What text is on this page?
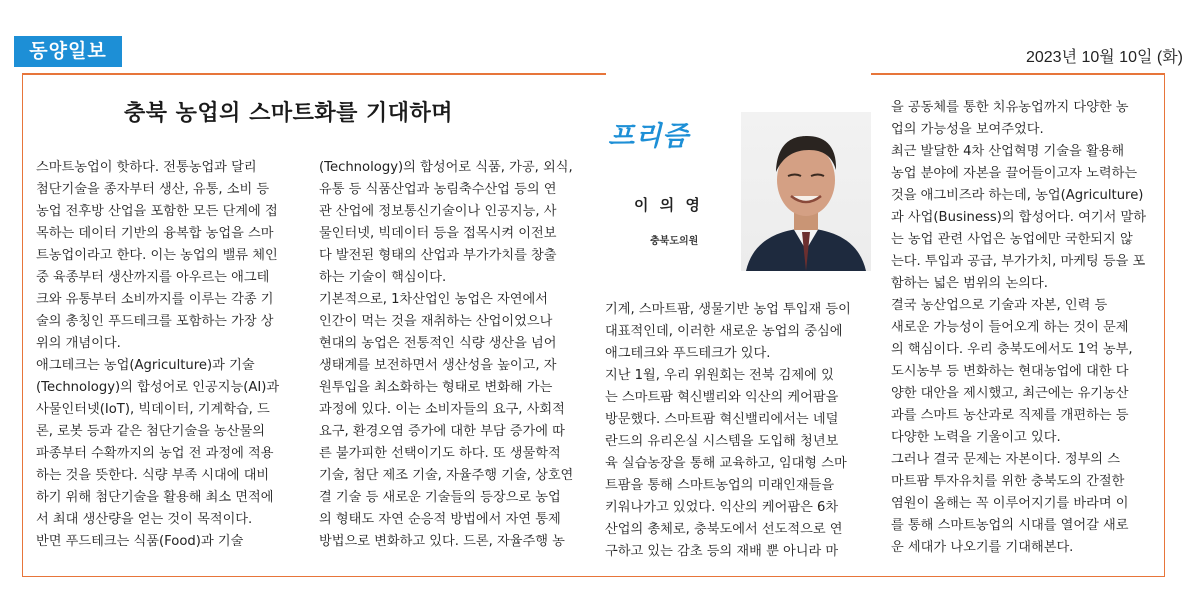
동양일보	2023년 10월 10일 (화)
충북 농업의 스마트화를 기대하며
프리즘
이 의 영
충북도의원
스마트농업이 핫하다. 전통농업과 달리
첨단기술을 종자부터 생산, 유통, 소비 등
농업 전후방 산업을 포함한 모든 단계에 접
목하는 데이터 기반의 융복합 농업을 스마
트농업이라고 한다. 이는 농업의 밸류 체인
중 육종부터 생산까지를 아우르는 애그테
크와 유통부터 소비까지를 이루는 각종 기
술의 총칭인 푸드테크를 포함하는 가장 상
위의 개념이다.
애그테크는 농업(Agriculture)과 기술
(Technology)의 합성어로 인공지능(AI)과
사물인터넷(IoT), 빅데이터, 기계학습, 드
론, 로봇 등과 같은 첨단기술을 농산물의
파종부터 수확까지의 농업 전 과정에 적용
하는 것을 뜻한다. 식량 부족 시대에 대비
하기 위해 첨단기술을 활용해 최소 면적에
서 최대 생산량을 얻는 것이 목적이다.
반면 푸드테크는 식품(Food)과 기술
(Technology)의 합성어로 식품, 가공, 외식,
유통 등 식품산업과 농림축수산업 등의 연
관 산업에 정보통신기술이나 인공지능, 사
물인터넷, 빅데이터 등을 접목시켜 이전보
다 발전된 형태의 산업과 부가가치를 창출
하는 기술이 핵심이다.
기본적으로, 1차산업인 농업은 자연에서
인간이 먹는 것을 재취하는 산업이었으나
현대의 농업은 전통적인 식량 생산을 넘어
생태계를 보전하면서 생산성을 높이고, 자
원투입을 최소화하는 형태로 변화해 가는
과정에 있다. 이는 소비자들의 요구, 사회적
요구, 환경오염 증가에 대한 부담 증가에 따
른 불가피한 선택이기도 하다. 또 생물학적
기술, 첨단 제조 기술, 자율주행 기술, 상호연
결 기술 등 새로운 기술들의 등장으로 농업
의 형태도 자연 순응적 방법에서 자연 통제
방법으로 변화하고 있다. 드론, 자율주행 농
기계, 스마트팜, 생물기반 농업 투입재 등이
대표적인데, 이러한 새로운 농업의 중심에
애그테크와 푸드테크가 있다.
지난 1월, 우리 위원회는 전북 김제에 있
는 스마트팜 혁신밸리와 익산의 케어팜을
방문했다. 스마트팜 혁신밸리에서는 네덜
란드의 유리온실 시스템을 도입해 청년보
육 실습농장을 통해 교육하고, 임대형 스마
트팜을 통해 스마트농업의 미래인재들을
키워나가고 있었다. 익산의 케어팜은 6차
산업의 총체로, 충북도에서 선도적으로 연
구하고 있는 감초 등의 재배 뿐 아니라 마
을 공동체를 통한 치유농업까지 다양한 농
업의 가능성을 보여주었다.
최근 발달한 4차 산업혁명 기술을 활용해
농업 분야에 자본을 끌어들이고자 노력하는
것을 애그비즈라 하는데, 농업(Agriculture)
과 사업(Business)의 합성어다. 여기서 말하
는 농업 관련 사업은 농업에만 국한되지 않
는다. 투입과 공급, 부가가치, 마케팅 등을 포
함하는 넓은 범위의 논의다.
결국 농산업으로 기술과 자본, 인력 등
새로운 가능성이 들어오게 하는 것이 문제
의 핵심이다. 우리 충북도에서도 1억 농부,
도시농부 등 변화하는 현대농업에 대한 다
양한 대안을 제시했고, 최근에는 유기농산
과를 스마트 농산과로 직제를 개편하는 등
다양한 노력을 기울이고 있다.
그러나 결국 문제는 자본이다. 정부의 스
마트팜 투자유치를 위한 충북도의 간절한
염원이 올해는 꼭 이루어지기를 바라며 이
를 통해 스마트농업의 시대를 열어갈 새로
운 세대가 나오기를 기대해본다.
